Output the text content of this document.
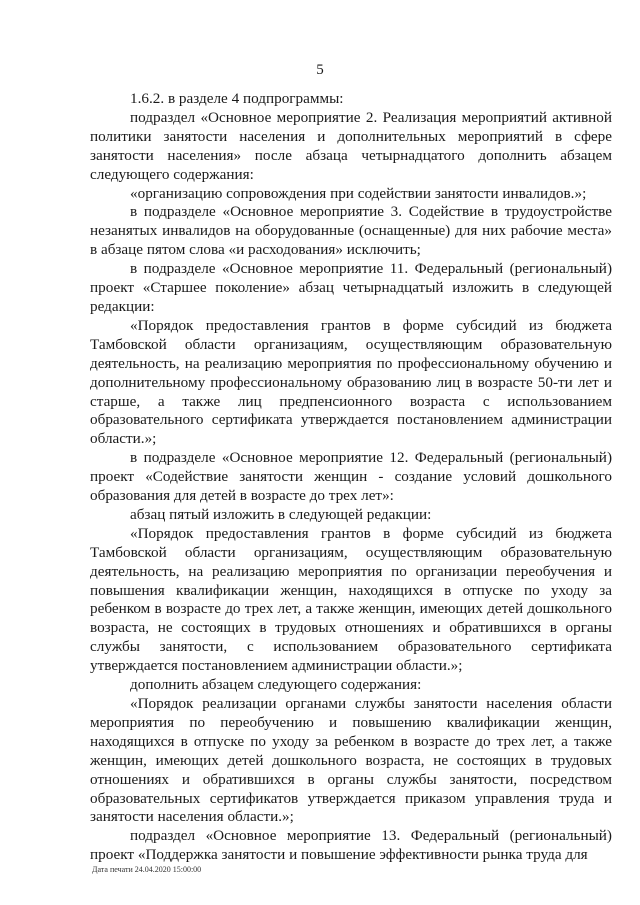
5

1.6.2. в разделе 4 подпрограммы:

подраздел «Основное мероприятие 2. Реализация мероприятий активной политики занятости населения и дополнительных мероприятий в сфере занятости населения» после абзаца четырнадцатого дополнить абзацем следующего содержания:

«организацию сопровождения при содействии занятости инвалидов.»;

в подразделе «Основное мероприятие 3. Содействие в трудоустройстве незанятых инвалидов на оборудованные (оснащенные) для них рабочие места» в абзаце пятом слова «и расходования» исключить;

в подразделе «Основное мероприятие 11. Федеральный (региональный) проект «Старшее поколение» абзац четырнадцатый изложить в следующей редакции:

«Порядок предоставления грантов в форме субсидий из бюджета Тамбовской области организациям, осуществляющим образовательную деятельность, на реализацию мероприятия по профессиональному обучению и дополнительному профессиональному образованию лиц в возрасте 50-ти лет и старше, а также лиц предпенсионного возраста с использованием образовательного сертификата утверждается постановлением администрации области.»;

в подразделе «Основное мероприятие 12. Федеральный (региональный) проект «Содействие занятости женщин - создание условий дошкольного образования для детей в возрасте до трех лет»:

абзац пятый изложить в следующей редакции:

«Порядок предоставления грантов в форме субсидий из бюджета Тамбовской области организациям, осуществляющим образовательную деятельность, на реализацию мероприятия по организации переобучения и повышения квалификации женщин, находящихся в отпуске по уходу за ребенком в возрасте до трех лет, а также женщин, имеющих детей дошкольного возраста, не состоящих в трудовых отношениях и обратившихся в органы службы занятости, с использованием образовательного сертификата утверждается постановлением администрации области.»;

дополнить абзацем следующего содержания:

«Порядок реализации органами службы занятости населения области мероприятия по переобучению и повышению квалификации женщин, находящихся в отпуске по уходу за ребенком в возрасте до трех лет, а также женщин, имеющих детей дошкольного возраста, не состоящих в трудовых отношениях и обратившихся в органы службы занятости, посредством образовательных сертификатов утверждается приказом управления труда и занятости населения области.»;

подраздел «Основное мероприятие 13. Федеральный (региональный) проект «Поддержка занятости и повышение эффективности рынка труда для

Дата печати 24.04.2020 15:00:00
